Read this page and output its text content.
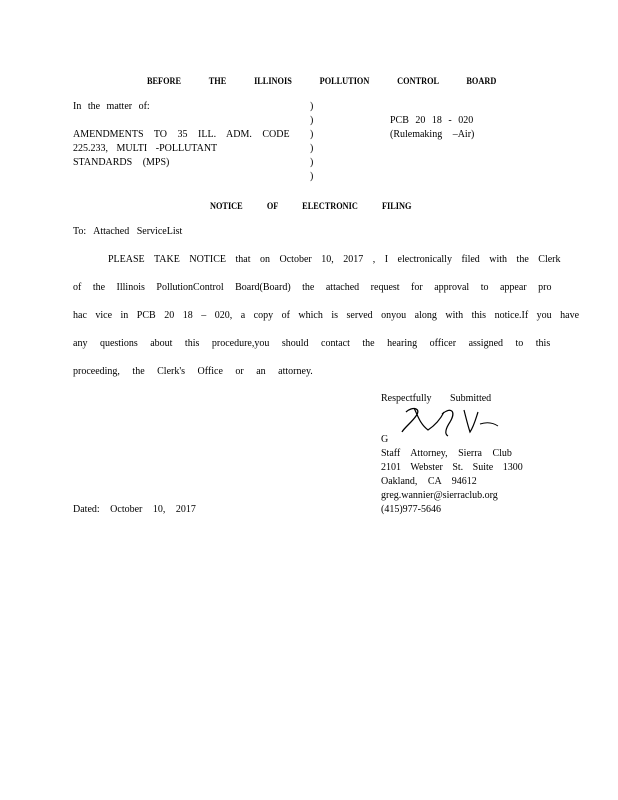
BEFORE	THE	ILLINOIS	POLLUTION	CONTROL	BOARD
In the matter of:
AMENDMENTS TO 35 ILL. ADM. CODE
225.233, MULTI -POLLUTANT
STANDARDS (MPS)
)
)
)
)
)
)
PCB 20 18 - 020
(Rulemaking –Air)
NOTICE	OF	ELECTRONIC	FILING
To: Attached ServiceList
PLEASE TAKE NOTICE that on October 10, 2017 , I electronically filed with the Clerk
of the Illinois PollutionControl Board(Board) the attached request for approval to appear pro
hac vice in PCB 20 18 – 020, a copy of which is served onyou along with this notice.If you have
any questions about this procedure,you should contact the hearing officer assigned to this
proceeding, the Clerk's Office or an attorney.
Respectfully Submitted
G
Staff Attorney, Sierra Club
2101 Webster St. Suite 1300
Oakland, CA 94612
greg.wannier@sierraclub.org
(415)977-5646
Dated: October 10, 2017
